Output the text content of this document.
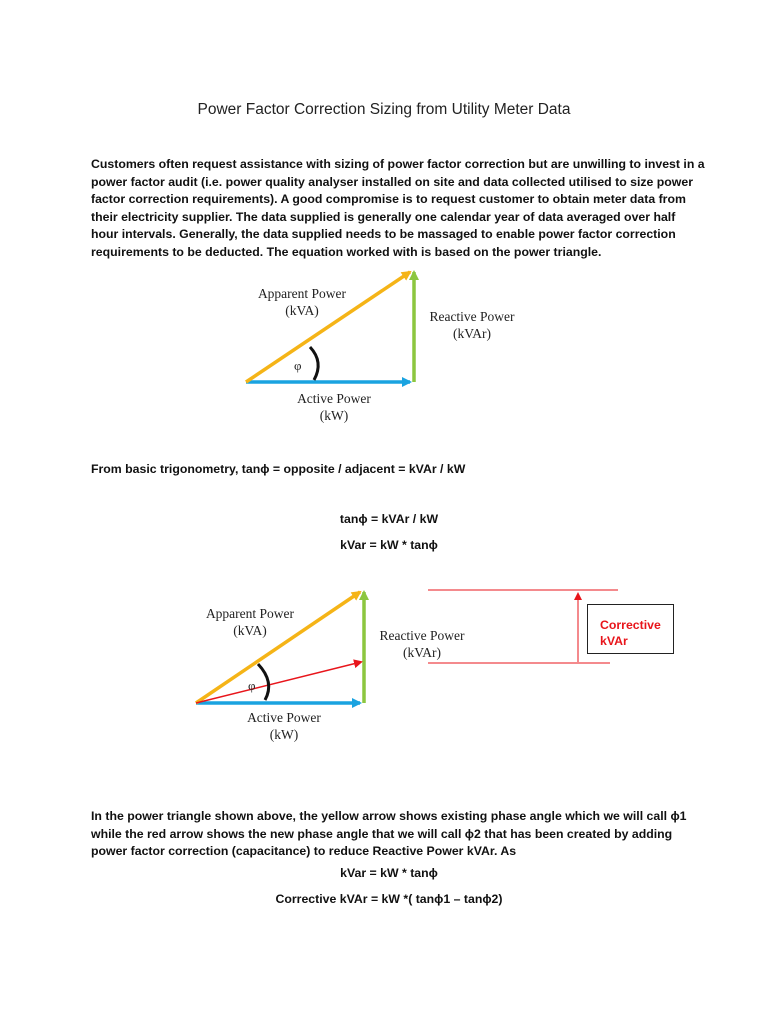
Power Factor Correction Sizing from Utility Meter Data

Customers often request assistance with sizing of power factor correction but are unwilling to invest in a
power factor audit (i.e. power quality analyser installed on site and data collected utilised to size power
factor correction requirements). A good compromise is to request customer to obtain meter data from
their electricity supplier. The data supplied is generally one calendar year of data averaged over half
hour intervals. Generally, the data supplied needs to be massaged to enable power factor correction
requirements to be deducted. The equation worked with is based on the power triangle.

Apparent Power
(kVA)	Reactive Power
(kVAr)
Active Power
(kW)
φ

From basic trigonometry, tanϕ = opposite / adjacent = kVAr / kW

tanϕ = kVAr / kW

kVar = kW * tanϕ

Apparent Power
(kVA)	Reactive Power
(kVAr)
Active Power
(kW)
φ
Corrective
kVAr

In the power triangle shown above, the yellow arrow shows existing phase angle which we will call ϕ1
while the red arrow shows the new phase angle that we will call ϕ2 that has been created by adding
power factor correction (capacitance) to reduce Reactive Power kVAr. As

kVar = kW * tanϕ

Corrective kVAr = kW *( tanϕ1 – tanϕ2)
